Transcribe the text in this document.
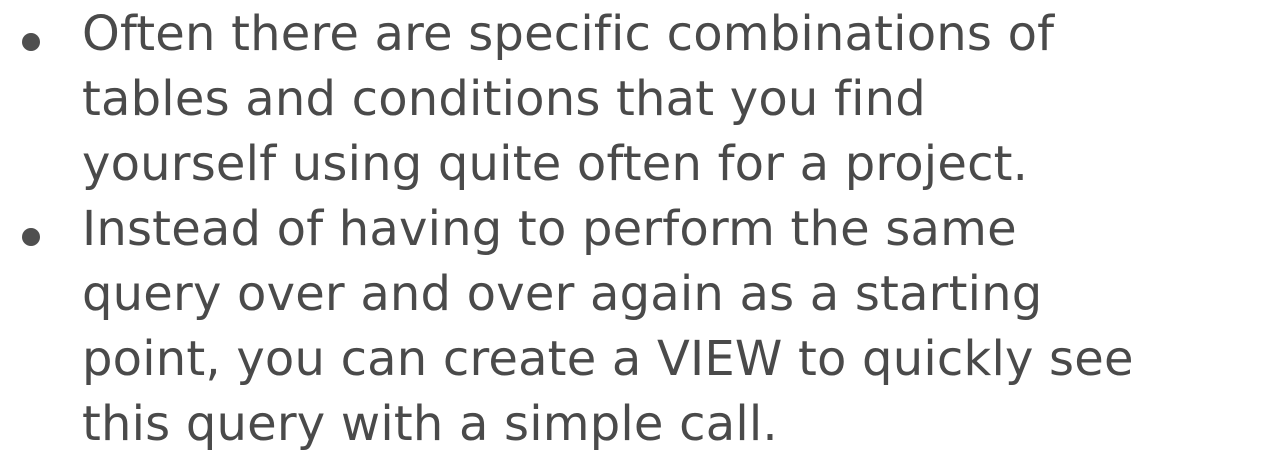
Often there are specific combinations of
tables and conditions that you find
yourself using quite often for a project.
Instead of having to perform the same
query over and over again as a starting
point, you can create a VIEW to quickly see
this query with a simple call.
